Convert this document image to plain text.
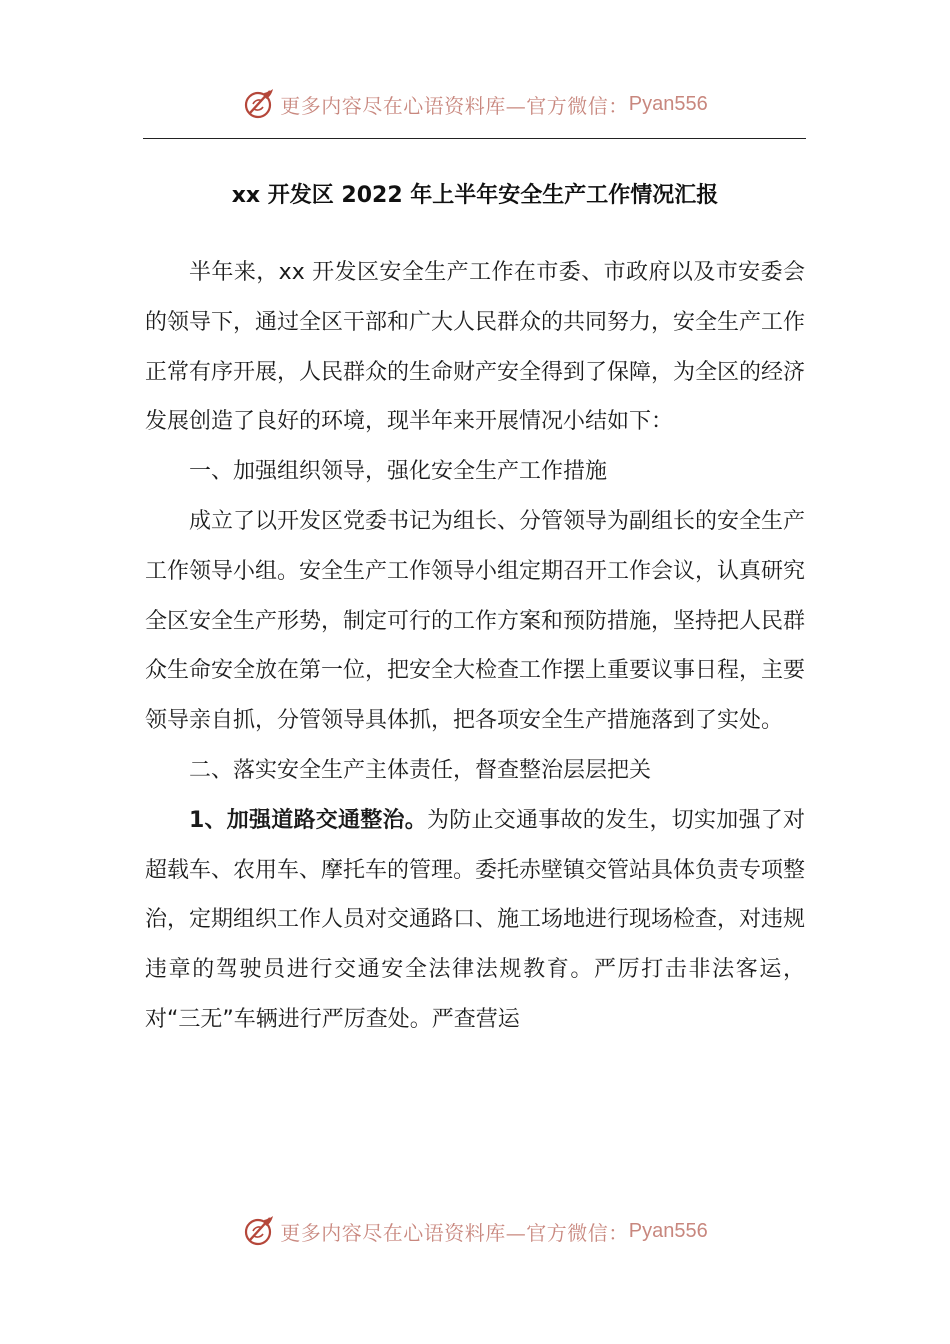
更多内容尽在心语资料库—官方微信： Pyan556
xx 开发区 2022 年上半年安全生产工作情况汇报

半年来，xx 开发区安全生产工作在市委、市政府以及市安委会的领导下，通过全区干部和广大人民群众的共同努力，安全生产工作正常有序开展，人民群众的生命财产安全得到了保障，为全区的经济发展创造了良好的环境，现半年来开展情况小结如下：

一、加强组织领导，强化安全生产工作措施

成立了以开发区党委书记为组长、分管领导为副组长的安全生产工作领导小组。安全生产工作领导小组定期召开工作会议，认真研究全区安全生产形势，制定可行的工作方案和预防措施，坚持把人民群众生命安全放在第一位，把安全大检查工作摆上重要议事日程，主要领导亲自抓，分管领导具体抓，把各项安全生产措施落到了实处。

二、落实安全生产主体责任，督查整治层层把关

1、加强道路交通整治。为防止交通事故的发生，切实加强了对超载车、农用车、摩托车的管理。委托赤壁镇交管站具体负责专项整治，定期组织工作人员对交通路口、施工场地进行现场检查，对违规违章的驾驶员进行交通安全法律法规教育。严厉打击非法客运，对“三无”车辆进行严厉查处。严查营运

更多内容尽在心语资料库—官方微信： Pyan556
